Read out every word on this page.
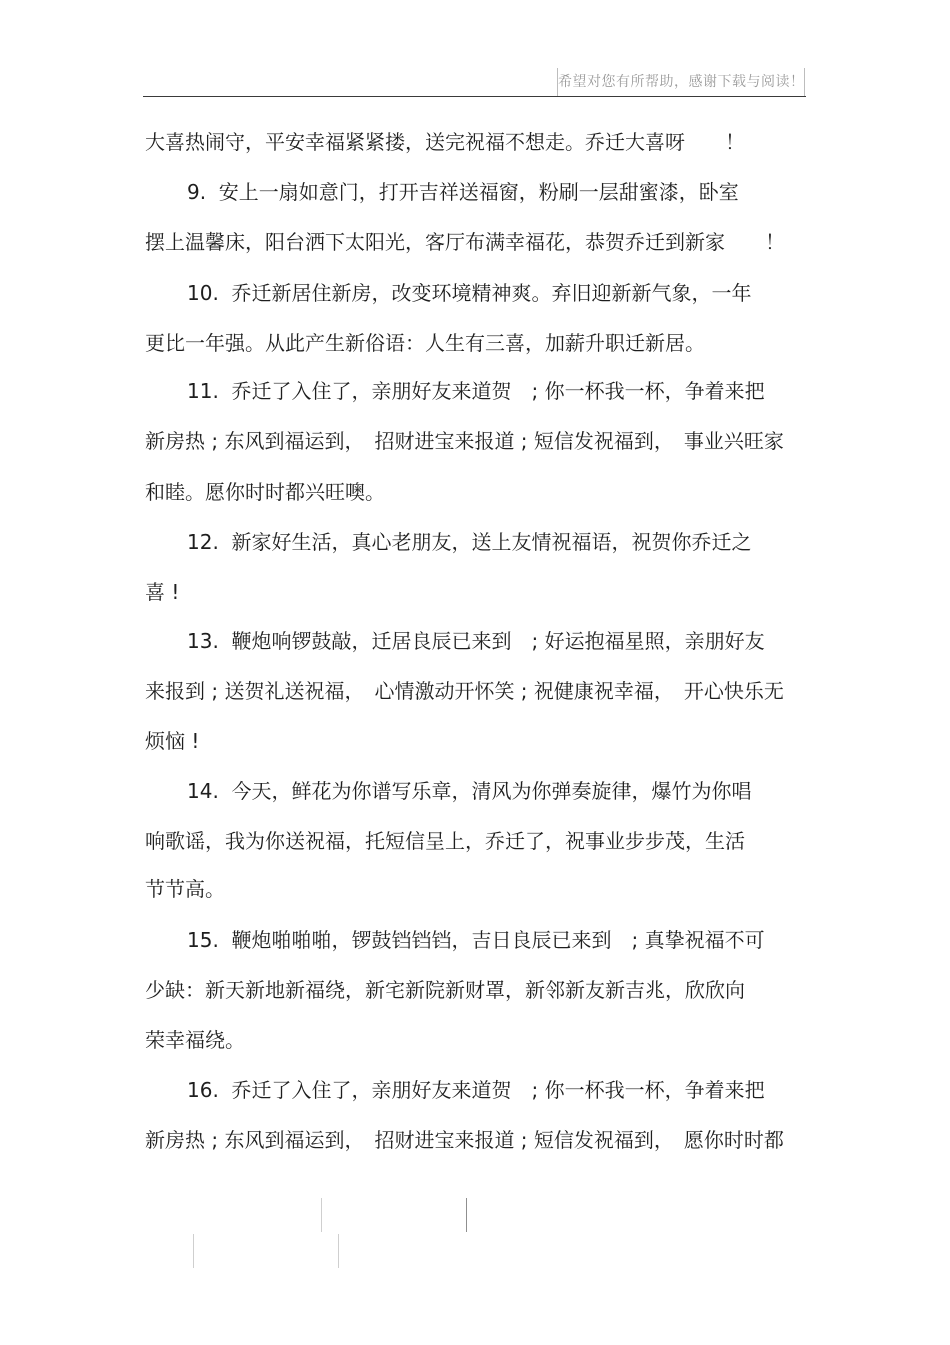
希望对您有所帮助，感谢下载与阅读！
大喜热闹守，平安幸福紧紧搂，送完祝福不想走。乔迁大喜呀　　！
9.  安上一扇如意门，打开吉祥送福窗，粉刷一层甜蜜漆，卧室
摆上温馨床，阳台洒下太阳光，客厅布满幸福花，恭贺乔迁到新家　　！
10.  乔迁新居住新房，改变环境精神爽。弃旧迎新新气象，一年
更比一年强。从此产生新俗语：人生有三喜，加薪升职迁新居。
11.  乔迁了入住了，亲朋好友来道贺　; 你一杯我一杯，争着来把
新房热 ; 东风到福运到，　招财进宝来报道 ; 短信发祝福到，　事业兴旺家
和睦。愿你时时都兴旺噢。
12.  新家好生活，真心老朋友，送上友情祝福语，祝贺你乔迁之
喜 !
13.  鞭炮响锣鼓敲，迁居良辰已来到　; 好运抱福星照，亲朋好友
来报到 ; 送贺礼送祝福，　心情激动开怀笑 ; 祝健康祝幸福，　开心快乐无
烦恼 !
14.  今天，鲜花为你谱写乐章，清风为你弹奏旋律，爆竹为你唱
响歌谣，我为你送祝福，托短信呈上，乔迁了，祝事业步步茂，生活
节节高。
15.  鞭炮啪啪啪，锣鼓铛铛铛，吉日良辰已来到　; 真挚祝福不可
少缺：新天新地新福绕，新宅新院新财罩，新邻新友新吉兆，欣欣向
荣幸福绕。
16.  乔迁了入住了，亲朋好友来道贺　; 你一杯我一杯，争着来把
新房热 ; 东风到福运到，　招财进宝来报道 ; 短信发祝福到，　愿你时时都
